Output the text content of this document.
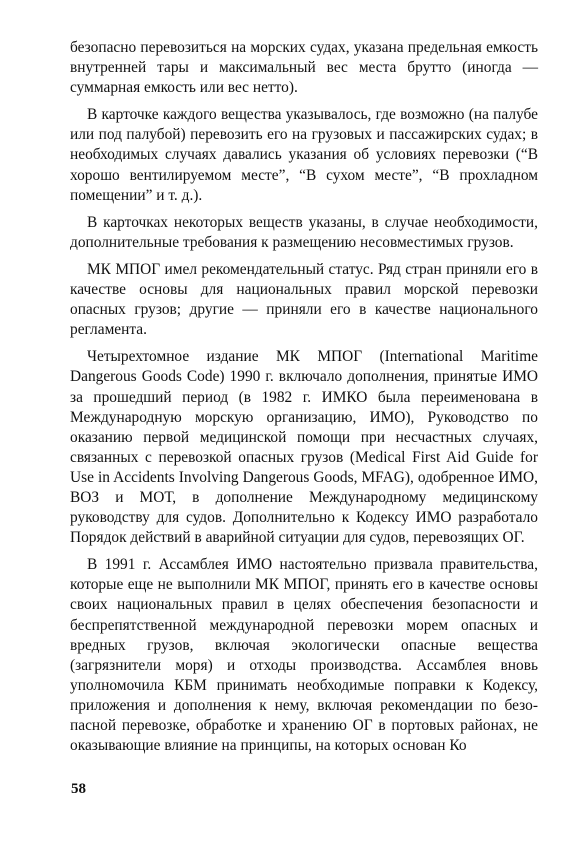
безопасно перевозиться на морских судах, указана предельная емкость внутренней тары и максимальный вес места брутто (иногда — суммарная емкость или вес нетто).

В карточке каждого вещества указывалось, где возможно (на палубе или под палубой) перевозить его на грузовых и пассажирских судах; в необходимых случаях давались указания об условиях перевозки (“В хорошо вентилируемом месте”, “В сухом месте”, “В прохладном помещении” и т. д.).

В карточках некоторых веществ указаны, в случае необходимости, дополнительные требования к размещению несовместимых грузов.

МК МПОГ имел рекомендательный статус. Ряд стран приняли его в качестве основы для национальных правил морской перевозки опасных грузов; другие — приняли его в качестве национального регламента.

Четырехтомное издание МК МПОГ (International Maritime Dangerous Goods Code) 1990 г. включало дополнения, принятые ИМО за прошедший период (в 1982 г. ИМКО была переименована в Международную морскую организацию, ИМО), Руководство по оказанию первой медицинской помощи при несчастных случаях, связанных с перевозкой опасных грузов (Medical First Aid Guide for Use in Accidents Involving Dangerous Goods, MFAG), одобренное ИМО, ВОЗ и МОТ, в дополнение Международному медицинскому руководству для судов. Дополнительно к Кодексу ИМО разработало Порядок действий в аварийной ситуации для судов, перевозящих ОГ.

В 1991 г. Ассамблея ИМО настоятельно призвала правительства, которые еще не выполнили МК МПОГ, принять его в качестве основы своих национальных правил в целях обеспечения безопасности и беспрепятственной международной перевозки морем опасных и вредных грузов, включая экологически опасные вещества (загрязнители моря) и отходы производства. Ассамблея вновь уполномочила КБМ принимать необходимые поправки к Кодексу, приложения и дополнения к нему, включая рекомендации по безопасной перевозке, обработке и хранению ОГ в портовых районах, не оказывающие влияние на принципы, на которых основан Ко

58
